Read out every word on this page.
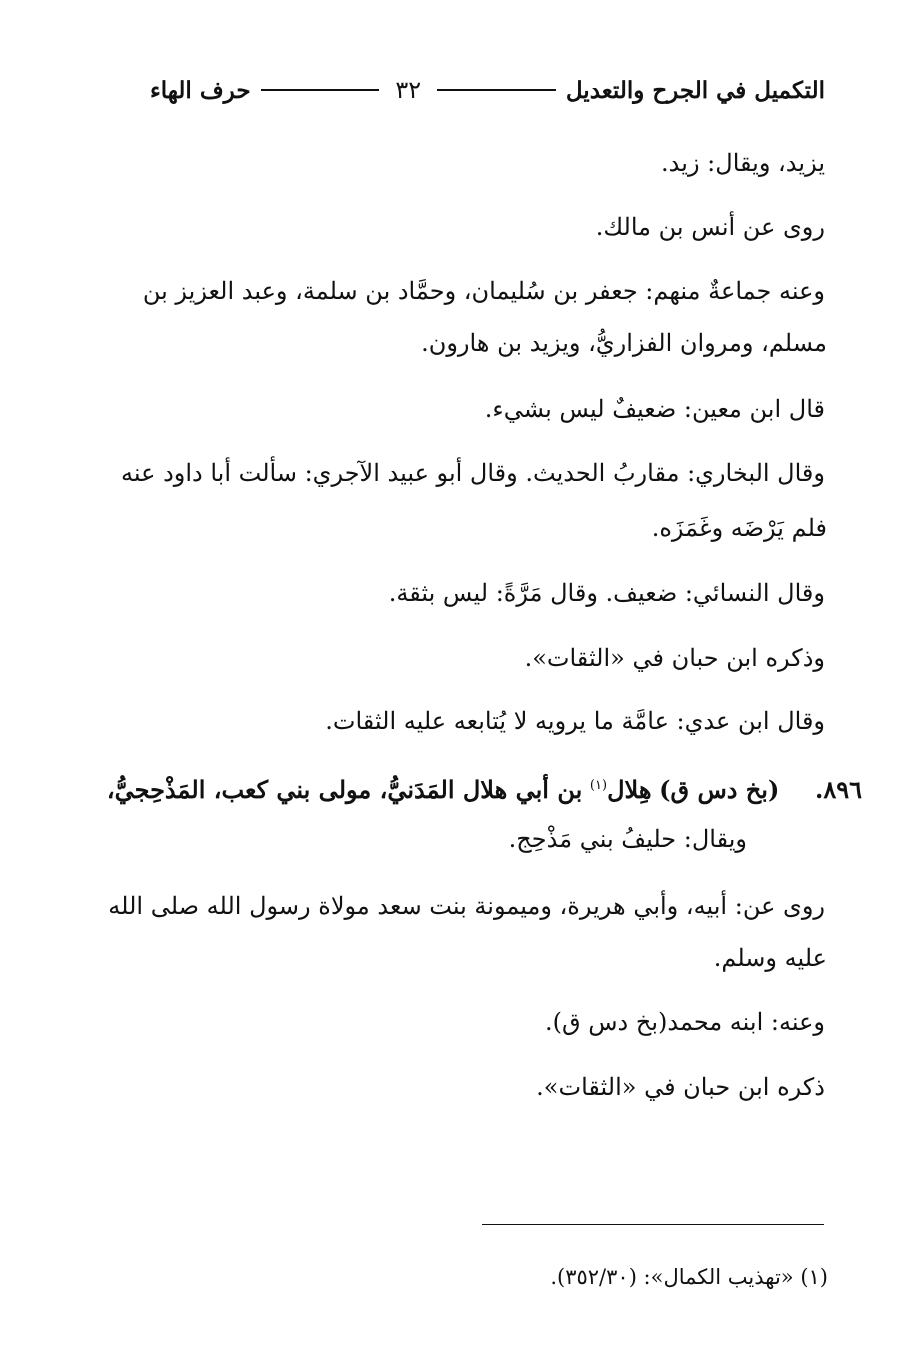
التكميل في الجرح والتعديل
٣٢
حرف الهاء

يزيد، ويقال: زيد.

روى عن أنس بن مالك.

وعنه جماعةٌ منهم: جعفر بن سُليمان، وحمَّاد بن سلمة، وعبد العزيز بن

مسلم، ومروان الفزاريُّ، ويزيد بن هارون.

قال ابن معين: ضعيفٌ ليس بشيء.

وقال البخاري: مقاربُ الحديث. وقال أبو عبيد الآجري: سألت أبا داود عنه

فلم يَرْضَه وغَمَزَه.

وقال النسائي: ضعيف. وقال مَرَّةً: ليس بثقة.

وذكره ابن حبان في «الثقات».

وقال ابن عدي: عامَّة ما يرويه لا يُتابعه عليه الثقات.

٨٩٦. (بخ دس ق) هِلال$^{(١)}$ بن أبي هلال المَدَنيُّ، مولى بني كعب، المَذْحِجيُّ،

ويقال: حليفُ بني مَذْحِج.

روى عن: أبيه، وأبي هريرة، وميمونة بنت سعد مولاة رسول الله صلى الله

عليه وسلم.

وعنه: ابنه محمد(بخ دس ق).

ذكره ابن حبان في «الثقات».

(١) «تهذيب الكمال»: (٣٥٢/٣٠).
